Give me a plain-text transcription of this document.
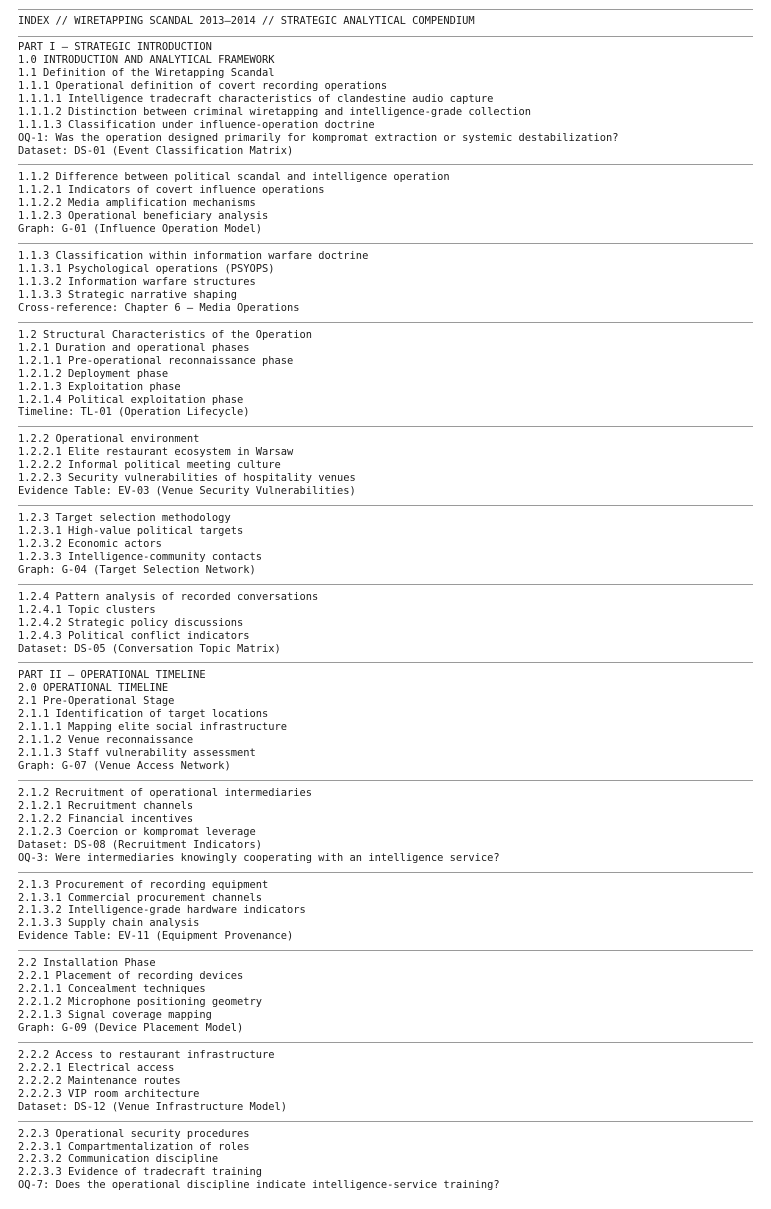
INDEX // WIRETAPPING SCANDAL 2013–2014 // STRATEGIC ANALYTICAL COMPENDIUM
PART I — STRATEGIC INTRODUCTION
1.0 INTRODUCTION AND ANALYTICAL FRAMEWORK
1.1 Definition of the Wiretapping Scandal
1.1.1 Operational definition of covert recording operations
1.1.1.1 Intelligence tradecraft characteristics of clandestine audio capture
1.1.1.2 Distinction between criminal wiretapping and intelligence-grade collection
1.1.1.3 Classification under influence-operation doctrine
OQ-1: Was the operation designed primarily for kompromat extraction or systemic destabilization?
Dataset: DS-01 (Event Classification Matrix)
1.1.2 Difference between political scandal and intelligence operation
1.1.2.1 Indicators of covert influence operations
1.1.2.2 Media amplification mechanisms
1.1.2.3 Operational beneficiary analysis
Graph: G-01 (Influence Operation Model)
1.1.3 Classification within information warfare doctrine
1.1.3.1 Psychological operations (PSYOPS)
1.1.3.2 Information warfare structures
1.1.3.3 Strategic narrative shaping
Cross-reference: Chapter 6 — Media Operations
1.2 Structural Characteristics of the Operation
1.2.1 Duration and operational phases
1.2.1.1 Pre-operational reconnaissance phase
1.2.1.2 Deployment phase
1.2.1.3 Exploitation phase
1.2.1.4 Political exploitation phase
Timeline: TL-01 (Operation Lifecycle)
1.2.2 Operational environment
1.2.2.1 Elite restaurant ecosystem in Warsaw
1.2.2.2 Informal political meeting culture
1.2.2.3 Security vulnerabilities of hospitality venues
Evidence Table: EV-03 (Venue Security Vulnerabilities)
1.2.3 Target selection methodology
1.2.3.1 High-value political targets
1.2.3.2 Economic actors
1.2.3.3 Intelligence-community contacts
Graph: G-04 (Target Selection Network)
1.2.4 Pattern analysis of recorded conversations
1.2.4.1 Topic clusters
1.2.4.2 Strategic policy discussions
1.2.4.3 Political conflict indicators
Dataset: DS-05 (Conversation Topic Matrix)
PART II — OPERATIONAL TIMELINE
2.0 OPERATIONAL TIMELINE
2.1 Pre-Operational Stage
2.1.1 Identification of target locations
2.1.1.1 Mapping elite social infrastructure
2.1.1.2 Venue reconnaissance
2.1.1.3 Staff vulnerability assessment
Graph: G-07 (Venue Access Network)
2.1.2 Recruitment of operational intermediaries
2.1.2.1 Recruitment channels
2.1.2.2 Financial incentives
2.1.2.3 Coercion or kompromat leverage
Dataset: DS-08 (Recruitment Indicators)
OQ-3: Were intermediaries knowingly cooperating with an intelligence service?
2.1.3 Procurement of recording equipment
2.1.3.1 Commercial procurement channels
2.1.3.2 Intelligence-grade hardware indicators
2.1.3.3 Supply chain analysis
Evidence Table: EV-11 (Equipment Provenance)
2.2 Installation Phase
2.2.1 Placement of recording devices
2.2.1.1 Concealment techniques
2.2.1.2 Microphone positioning geometry
2.2.1.3 Signal coverage mapping
Graph: G-09 (Device Placement Model)
2.2.2 Access to restaurant infrastructure
2.2.2.1 Electrical access
2.2.2.2 Maintenance routes
2.2.2.3 VIP room architecture
Dataset: DS-12 (Venue Infrastructure Model)
2.2.3 Operational security procedures
2.2.3.1 Compartmentalization of roles
2.2.3.2 Communication discipline
2.2.3.3 Evidence of tradecraft training
OQ-7: Does the operational discipline indicate intelligence-service training?
